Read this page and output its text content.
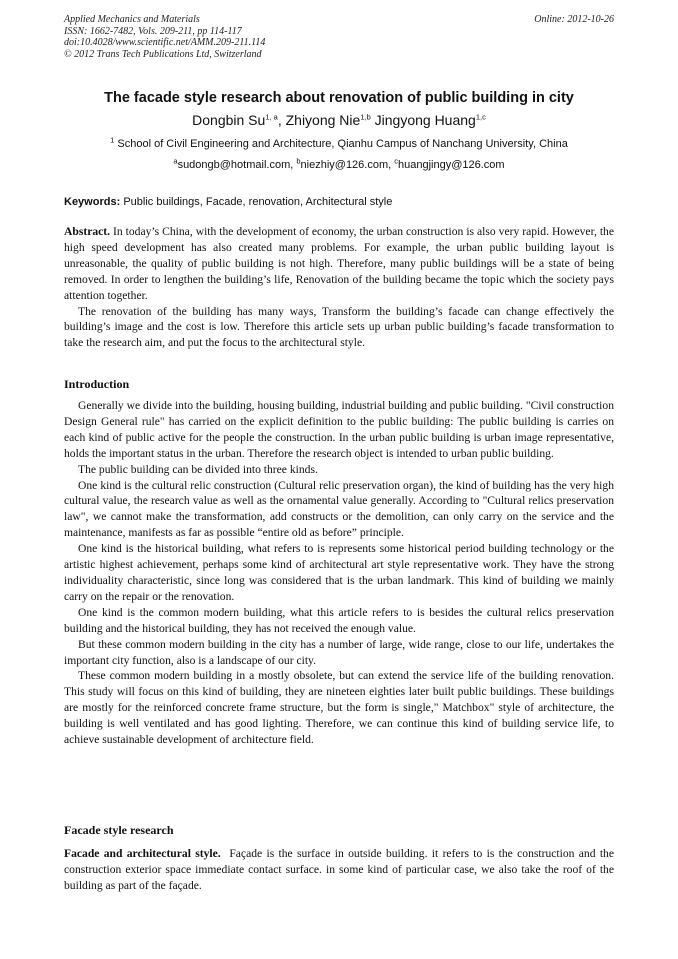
Applied Mechanics and Materials
ISSN: 1662-7482, Vols. 209-211, pp 114-117
doi:10.4028/www.scientific.net/AMM.209-211.114
© 2012 Trans Tech Publications Ltd, Switzerland
Online: 2012-10-26
The facade style research about renovation of public building in city
Dongbin Su$^{1, a}$, Zhiyong Nie$^{1,b}$ Jingyong Huang$^{1,c}$
$^1$ School of Civil Engineering and Architecture, Qianhu Campus of Nanchang University, China
$^a$sudongb@hotmail.com, $^b$niezhiy@126.com, $^c$huangjingy@126.com
Keywords: Public buildings, Facade, renovation, Architectural style

Abstract. In today’s China, with the development of economy, the urban construction is also very rapid. However, the high speed development has also created many problems. For example, the urban public building layout is unreasonable, the quality of public building is not high. Therefore, many public buildings will be a state of being removed. In order to lengthen the building’s life, Renovation of the building became the topic which the society pays attention together.

The renovation of the building has many ways, Transform the building’s facade can change effectively the building’s image and the cost is low. Therefore this article sets up urban public building’s facade transformation to take the research aim, and put the focus to the architectural style.

Introduction

Generally we divide into the building, housing building, industrial building and public building. "Civil construction Design General rule" has carried on the explicit definition to the public building: The public building is carries on each kind of public active for the people the construction. In the urban public building is urban image representative, holds the important status in the urban. Therefore the research object is intended to urban public building.

The public building can be divided into three kinds.

One kind is the cultural relic construction (Cultural relic preservation organ), the kind of building has the very high cultural value, the research value as well as the ornamental value generally. According to "Cultural relics preservation law", we cannot make the transformation, add constructs or the demolition, can only carry on the service and the maintenance, manifests as far as possible “entire old as before” principle.

One kind is the historical building, what refers to is represents some historical period building technology or the artistic highest achievement, perhaps some kind of architectural art style representative work. They have the strong individuality characteristic, since long was considered that is the urban landmark. This kind of building we mainly carry on the repair or the renovation.

One kind is the common modern building, what this article refers to is besides the cultural relics preservation building and the historical building, they has not received the enough value.

But these common modern building in the city has a number of large, wide range, close to our life, undertakes the important city function, also is a landscape of our city.

These common modern building in a mostly obsolete, but can extend the service life of the building renovation. This study will focus on this kind of building, they are nineteen eighties later built public buildings. These buildings are mostly for the reinforced concrete frame structure, but the form is single," Matchbox" style of architecture, the building is well ventilated and has good lighting. Therefore, we can continue this kind of building service life, to achieve sustainable development of architecture field.

Facade style research

Facade and architectural style. Façade is the surface in outside building. it refers to is the construction and the construction exterior space immediate contact surface. in some kind of particular case, we also take the roof of the building as part of the façade.
